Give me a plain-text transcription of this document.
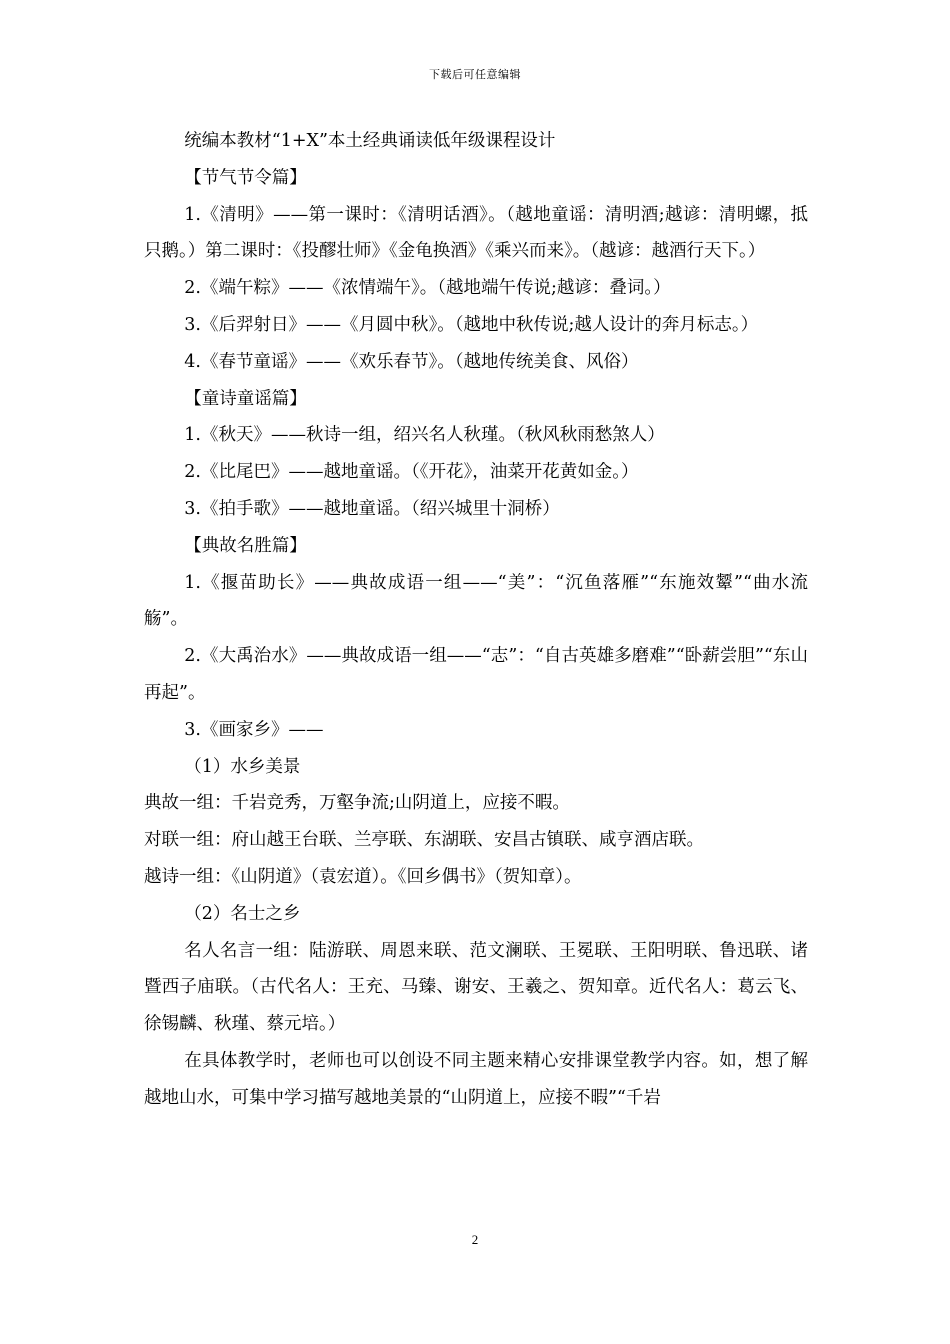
下载后可任意编辑

统编本教材“1+X”本土经典诵读低年级课程设计

【节气节令篇】

1.《清明》——第一课时：《清明话酒》。（越地童谣：清明酒;越谚：清明螺，抵只鹅。）第二课时：《投醪壮师》《金龟换酒》《乘兴而来》。（越谚：越酒行天下。）

2.《端午粽》——《浓情端午》。（越地端午传说;越谚：叠词。）

3.《后羿射日》——《月圆中秋》。（越地中秋传说;越人设计的奔月标志。）

4.《春节童谣》——《欢乐春节》。（越地传统美食、风俗）

【童诗童谣篇】

1.《秋天》——秋诗一组，绍兴名人秋瑾。（秋风秋雨愁煞人）

2.《比尾巴》——越地童谣。（《开花》，油菜开花黄如金。）

3.《拍手歌》——越地童谣。（绍兴城里十洞桥）

【典故名胜篇】

1.《揠苗助长》——典故成语一组——“美”：“沉鱼落雁”“东施效颦”“曲水流觞”。

2.《大禹治水》——典故成语一组——“志”：“自古英雄多磨难”“卧薪尝胆”“东山再起”。

3.《画家乡》——

（1）水乡美景

典故一组：千岩竞秀，万壑争流;山阴道上，应接不暇。

对联一组：府山越王台联、兰亭联、东湖联、安昌古镇联、咸亨酒店联。

越诗一组：《山阴道》（袁宏道）。《回乡偶书》（贺知章）。

（2）名士之乡

名人名言一组：陆游联、周恩来联、范文澜联、王冕联、王阳明联、鲁迅联、诸暨西子庙联。（古代名人：王充、马臻、谢安、王羲之、贺知章。近代名人：葛云飞、徐锡麟、秋瑾、蔡元培。）

在具体教学时，老师也可以创设不同主题来精心安排课堂教学内容。如，想了解越地山水，可集中学习描写越地美景的“山阴道上，应接不暇”“千岩

2
